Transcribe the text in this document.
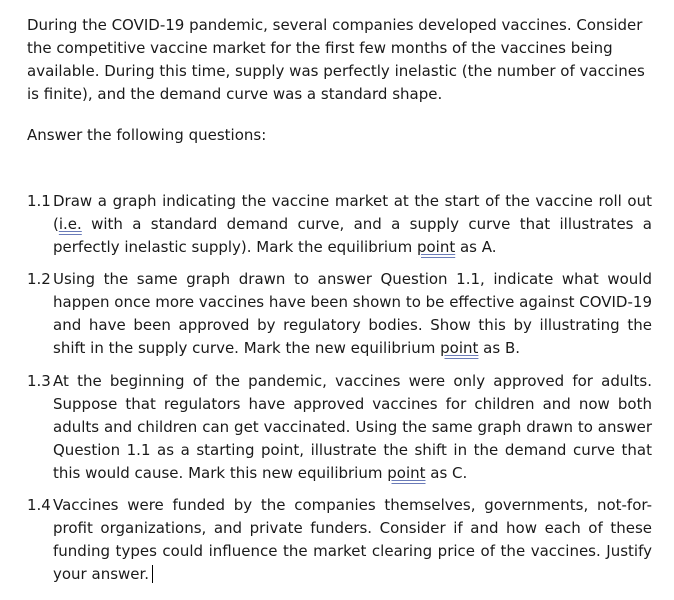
During the COVID-19 pandemic, several companies developed vaccines. Consider the competitive vaccine market for the first few months of the vaccines being available. During this time, supply was perfectly inelastic (the number of vaccines is finite), and the demand curve was a standard shape.
Answer the following questions:
1.1 Draw a graph indicating the vaccine market at the start of the vaccine roll out (i.e. with a standard demand curve, and a supply curve that illustrates a perfectly inelastic supply). Mark the equilibrium point as A.
1.2 Using the same graph drawn to answer Question 1.1, indicate what would happen once more vaccines have been shown to be effective against COVID-19 and have been approved by regulatory bodies. Show this by illustrating the shift in the supply curve. Mark the new equilibrium point as B.
1.3 At the beginning of the pandemic, vaccines were only approved for adults. Suppose that regulators have approved vaccines for children and now both adults and children can get vaccinated. Using the same graph drawn to answer Question 1.1 as a starting point, illustrate the shift in the demand curve that this would cause. Mark this new equilibrium point as C.
1.4 Vaccines were funded by the companies themselves, governments, not-for-profit organizations, and private funders. Consider if and how each of these funding types could influence the market clearing price of the vaccines. Justify your answer.
